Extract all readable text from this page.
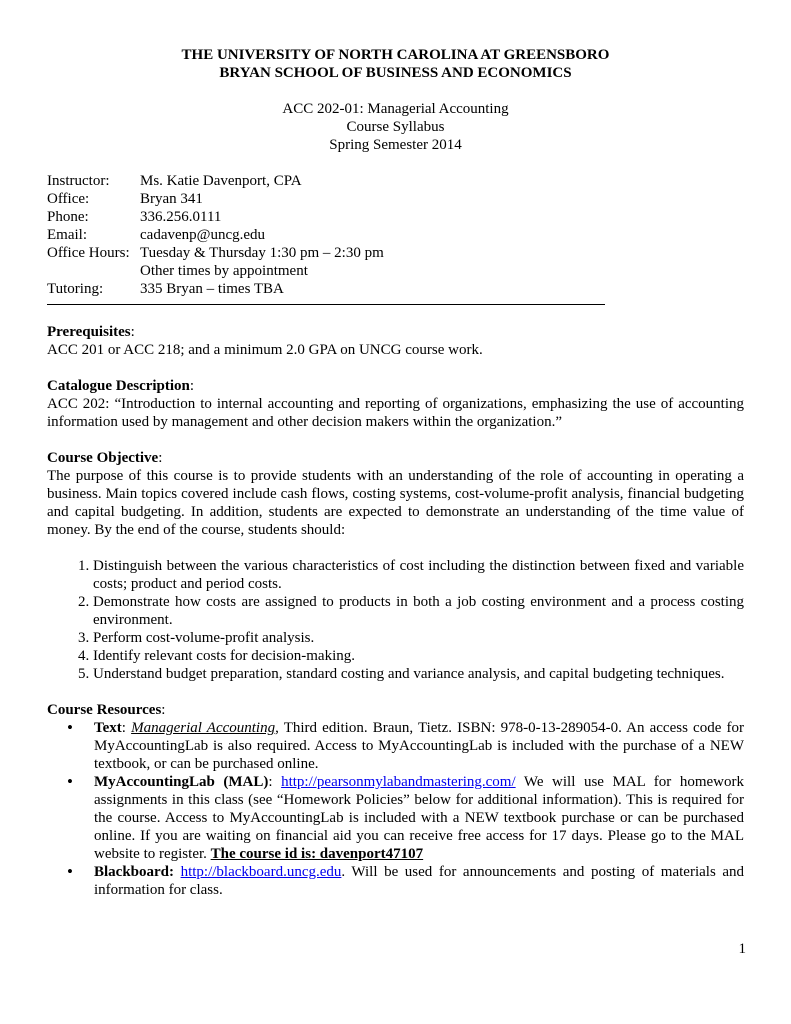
THE UNIVERSITY OF NORTH CAROLINA AT GREENSBORO
BRYAN SCHOOL OF BUSINESS AND ECONOMICS
ACC 202-01: Managerial Accounting
Course Syllabus
Spring Semester 2014
Instructor:	Ms. Katie Davenport, CPA
Office:	Bryan 341
Phone:	336.256.0111
Email:	cadavenp@uncg.edu
Office Hours: Tuesday & Thursday 1:30 pm – 2:30 pm
Other times by appointment
Tutoring:	335 Bryan – times TBA
Prerequisites:
ACC 201 or ACC 218; and a minimum 2.0 GPA on UNCG course work.
Catalogue Description:
ACC 202: “Introduction to internal accounting and reporting of organizations, emphasizing the use of accounting information used by management and other decision makers within the organization.”
Course Objective:
The purpose of this course is to provide students with an understanding of the role of accounting in operating a business. Main topics covered include cash flows, costing systems, cost-volume-profit analysis, financial budgeting and capital budgeting. In addition, students are expected to demonstrate an understanding of the time value of money. By the end of the course, students should:
1. Distinguish between the various characteristics of cost including the distinction between fixed and variable costs; product and period costs.
2. Demonstrate how costs are assigned to products in both a job costing environment and a process costing environment.
3. Perform cost-volume-profit analysis.
4. Identify relevant costs for decision-making.
5. Understand budget preparation, standard costing and variance analysis, and capital budgeting techniques.
Course Resources:
• Text: Managerial Accounting, Third edition. Braun, Tietz. ISBN: 978-0-13-289054-0. An access code for MyAccountingLab is also required. Access to MyAccountingLab is included with the purchase of a NEW textbook, or can be purchased online.
• MyAccountingLab (MAL): http://pearsonmylabandmastering.com/ We will use MAL for homework assignments in this class (see “Homework Policies” below for additional information). This is required for the course. Access to MyAccountingLab is included with a NEW textbook purchase or can be purchased online. If you are waiting on financial aid you can receive free access for 17 days. Please go to the MAL website to register. The course id is: davenport47107
• Blackboard: http://blackboard.uncg.edu. Will be used for announcements and posting of materials and information for class.
1
